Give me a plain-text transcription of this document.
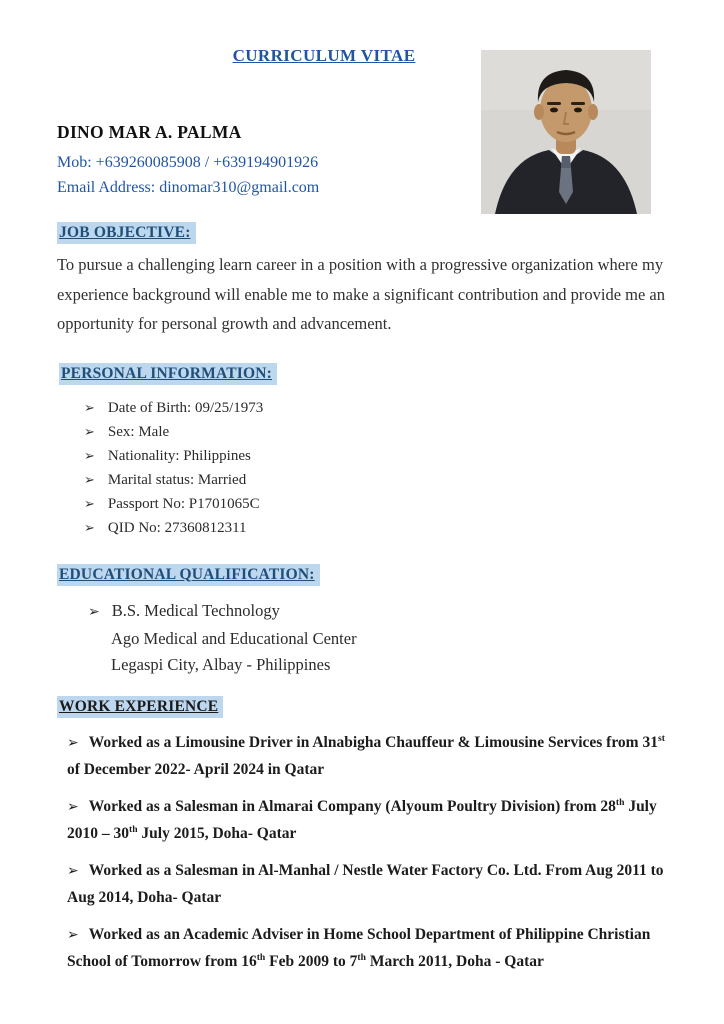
CURRICULUM VITAE
DINO MAR A. PALMA
Mob: +639260085908 / +639194901926
Email Address: dinomar310@gmail.com
JOB OBJECTIVE:

To pursue a challenging learn career in a position with a progressive organization where my experience background will enable me to make a significant contribution and provide me an opportunity for personal growth and advancement.

PERSONAL INFORMATION:
➢ Date of Birth: 09/25/1973
➢ Sex: Male
➢ Nationality: Philippines
➢ Marital status: Married
➢ Passport No: P1701065C
➢ QID No: 27360812311
EDUCATIONAL QUALIFICATION:
➢ B.S. Medical Technology
Ago Medical and Educational Center
Legaspi City, Albay - Philippines
WORK EXPERIENCE
➢ Worked as a Limousine Driver in Alnabigha Chauffeur & Limousine Services from 31st of December 2022- April 2024 in Qatar
➢ Worked as a Salesman in Almarai Company (Alyoum Poultry Division) from 28th July 2010 – 30th July 2015, Doha- Qatar
➢ Worked as a Salesman in Al-Manhal / Nestle Water Factory Co. Ltd. From Aug 2011 to Aug 2014, Doha- Qatar
➢ Worked as an Academic Adviser in Home School Department of Philippine Christian School of Tomorrow from 16th Feb 2009 to 7th March 2011, Doha - Qatar
